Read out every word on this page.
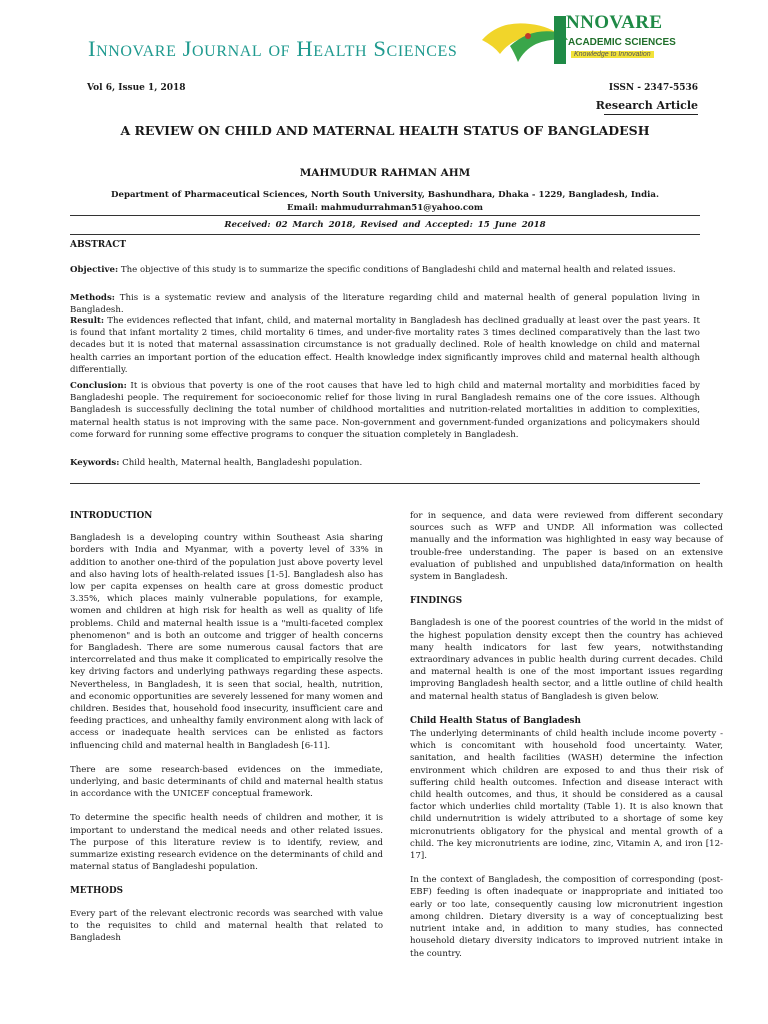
Innovare Journal of Health Sciences
NNOVARE
ACADEMIC SCIENCES
Knowledge to Innovation
Vol 6, Issue 1, 2018	ISSN - 2347-5536
Research Article
A REVIEW ON CHILD AND MATERNAL HEALTH STATUS OF BANGLADESH
MAHMUDUR RAHMAN AHM
Department of Pharmaceutical Sciences, North South University, Bashundhara, Dhaka - 1229, Bangladesh, India.
Email: mahmudurrahman51@yahoo.com
Received: 02 March 2018, Revised and Accepted: 15 June 2018
ABSTRACT
Objective: The objective of this study is to summarize the specific conditions of Bangladeshi child and maternal health and related issues.
Methods: This is a systematic review and analysis of the literature regarding child and maternal health of general population living in Bangladesh.
Result: The evidences reflected that infant, child, and maternal mortality in Bangladesh has declined gradually at least over the past years. It is found that infant mortality 2 times, child mortality 6 times, and under-five mortality rates 3 times declined comparatively than the last two decades but it is noted that maternal assassination circumstance is not gradually declined. Role of health knowledge on child and maternal health carries an important portion of the education effect. Health knowledge index significantly improves child and maternal health although differentially.
Conclusion: It is obvious that poverty is one of the root causes that have led to high child and maternal mortality and morbidities faced by Bangladeshi people. The requirement for socioeconomic relief for those living in rural Bangladesh remains one of the core issues. Although Bangladesh is successfully declining the total number of childhood mortalities and nutrition-related mortalities in addition to complexities, maternal health status is not improving with the same pace. Non-government and government-funded organizations and policymakers should come forward for running some effective programs to conquer the situation completely in Bangladesh.
Keywords: Child health, Maternal health, Bangladeshi population.
INTRODUCTION

Bangladesh is a developing country within Southeast Asia sharing borders with India and Myanmar, with a poverty level of 33% in addition to another one-third of the population just above poverty level and also having lots of health-related issues [1-5]. Bangladesh also has low per capita expenses on health care at gross domestic product 3.35%, which places mainly vulnerable populations, for example, women and children at high risk for health as well as quality of life problems. Child and maternal health issue is a "multi-faceted complex phenomenon" and is both an outcome and trigger of health concerns for Bangladesh. There are some numerous causal factors that are intercorrelated and thus make it complicated to empirically resolve the key driving factors and underlying pathways regarding these aspects. Nevertheless, in Bangladesh, it is seen that social, health, nutrition, and economic opportunities are severely lessened for many women and children. Besides that, household food insecurity, insufficient care and feeding practices, and unhealthy family environment along with lack of access or inadequate health services can be enlisted as factors influencing child and maternal health in Bangladesh [6-11].

There are some research-based evidences on the immediate, underlying, and basic determinants of child and maternal health status in accordance with the UNICEF conceptual framework.

To determine the specific health needs of children and mother, it is important to understand the medical needs and other related issues. The purpose of this literature review is to identify, review, and summarize existing research evidence on the determinants of child and maternal status of Bangladeshi population.

METHODS

Every part of the relevant electronic records was searched with value to the requisites to child and maternal health that related to Bangladesh

for in sequence, and data were reviewed from different secondary sources such as WFP and UNDP. All information was collected manually and the information was highlighted in easy way because of trouble-free understanding. The paper is based on an extensive evaluation of published and unpublished data/information on health system in Bangladesh.

FINDINGS

Bangladesh is one of the poorest countries of the world in the midst of the highest population density except then the country has achieved many health indicators for last few years, notwithstanding extraordinary advances in public health during current decades. Child and maternal health is one of the most important issues regarding improving Bangladesh health sector, and a little outline of child health and maternal health status of Bangladesh is given below.

Child Health Status of Bangladesh

The underlying determinants of child health include income poverty - which is concomitant with household food uncertainty. Water, sanitation, and health facilities (WASH) determine the infection environment which children are exposed to and thus their risk of suffering child health outcomes. Infection and disease interact with child health outcomes, and thus, it should be considered as a causal factor which underlies child mortality (Table 1). It is also known that child undernutrition is widely attributed to a shortage of some key micronutrients obligatory for the physical and mental growth of a child. The key micronutrients are iodine, zinc, Vitamin A, and iron [12-17].

In the context of Bangladesh, the composition of corresponding (post-EBF) feeding is often inadequate or inappropriate and initiated too early or too late, consequently causing low micronutrient ingestion among children. Dietary diversity is a way of conceptualizing best nutrient intake and, in addition to many studies, has connected household dietary diversity indicators to improved nutrient intake in the country.
